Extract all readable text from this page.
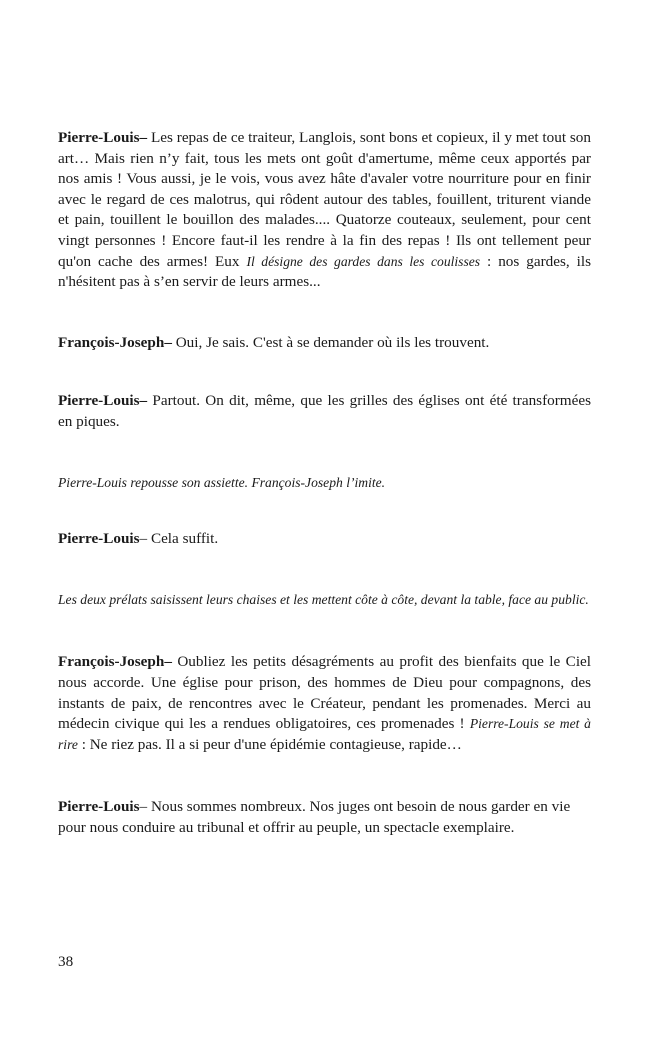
Pierre-Louis– Les repas de ce traiteur, Langlois, sont bons et copieux, il y met tout son art… Mais rien n’y fait, tous les mets ont goût d'amertume, même ceux apportés par nos amis ! Vous aussi, je le vois, vous avez hâte d'avaler votre nourriture pour en finir avec le regard de ces malotrus, qui rôdent autour des tables, fouillent, triturent viande et pain, touillent le bouillon des malades.... Quatorze couteaux, seulement, pour cent vingt personnes ! Encore faut-il les rendre à la fin des repas ! Ils ont tellement peur qu'on cache des armes! Eux Il désigne des gardes dans les coulisses : nos gardes, ils n'hésitent pas à s’en servir de leurs armes...

François-Joseph– Oui, Je sais. C'est à se demander où ils les trouvent.

Pierre-Louis– Partout. On dit, même, que les grilles des églises ont été transformées en piques.

Pierre-Louis repousse son assiette. François-Joseph l’imite.

Pierre-Louis– Cela suffit.

Les deux prélats saisissent leurs chaises et les mettent côte à côte, devant la table, face au public.

François-Joseph– Oubliez les petits désagréments au profit des bienfaits que le Ciel nous accorde. Une église pour prison, des hommes de Dieu pour compagnons, des instants de paix, de rencontres avec le Créateur, pendant les promenades. Merci au médecin civique qui les a rendues obligatoires, ces promenades ! Pierre-Louis se met à rire : Ne riez pas. Il a si peur d'une épidémie contagieuse, rapide…

Pierre-Louis– Nous sommes nombreux. Nos juges ont besoin de nous garder en vie pour nous conduire au tribunal et offrir au peuple, un spectacle exemplaire.

38
